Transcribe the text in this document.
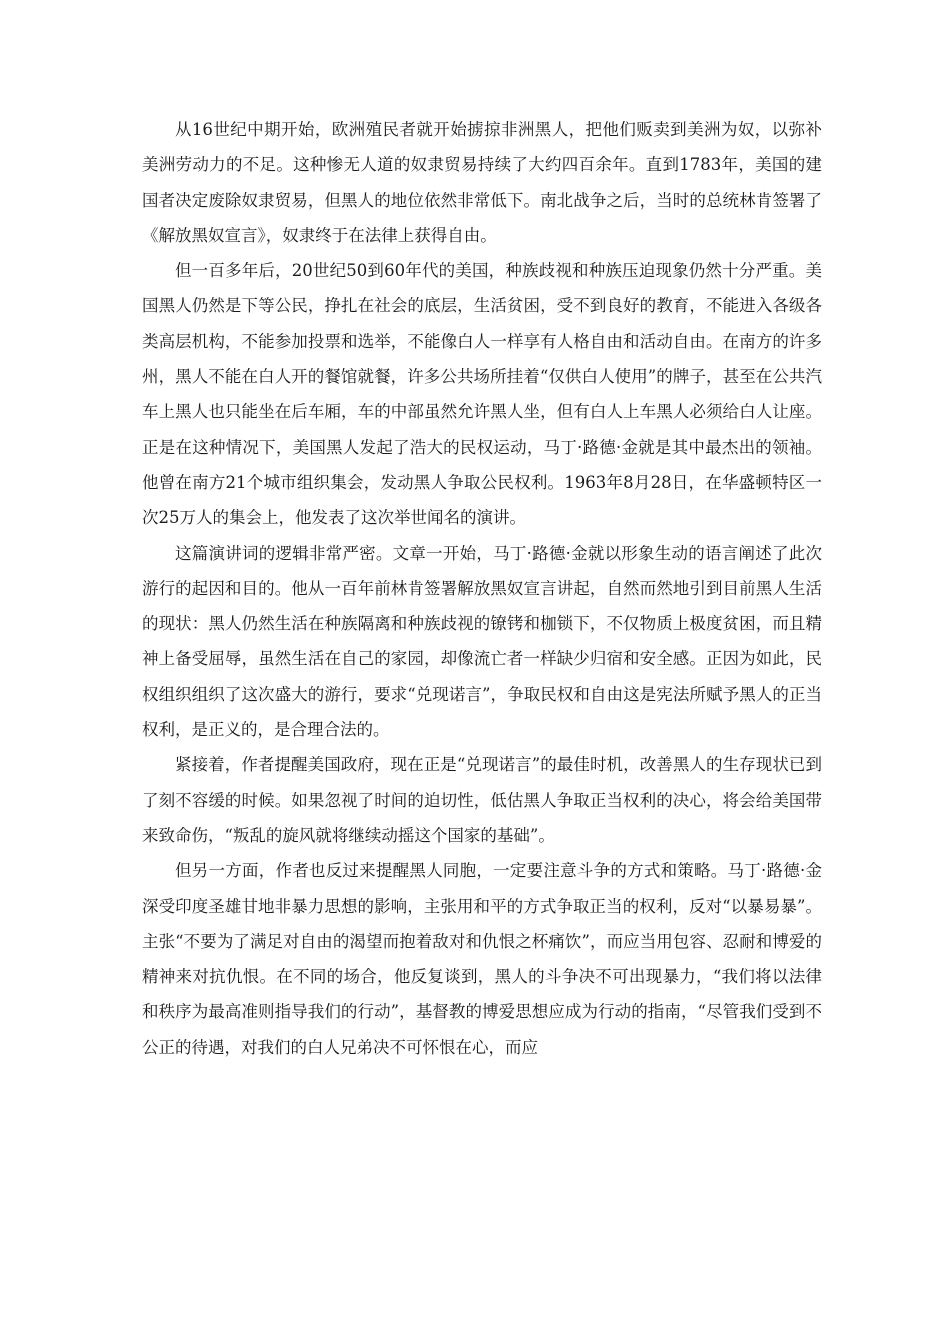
从16世纪中期开始，欧洲殖民者就开始掳掠非洲黑人，把他们贩卖到美洲为奴，以弥补美洲劳动力的不足。这种惨无人道的奴隶贸易持续了大约四百余年。直到1783年，美国的建国者决定废除奴隶贸易，但黑人的地位依然非常低下。南北战争之后，当时的总统林肯签署了《解放黑奴宣言》，奴隶终于在法律上获得自由。

但一百多年后，20世纪50到60年代的美国，种族歧视和种族压迫现象仍然十分严重。美国黑人仍然是下等公民，挣扎在社会的底层，生活贫困，受不到良好的教育，不能进入各级各类高层机构，不能参加投票和选举，不能像白人一样享有人格自由和活动自由。在南方的许多州，黑人不能在白人开的餐馆就餐，许多公共场所挂着“仅供白人使用”的牌子，甚至在公共汽车上黑人也只能坐在后车厢，车的中部虽然允许黑人坐，但有白人上车黑人必须给白人让座。正是在这种情况下，美国黑人发起了浩大的民权运动，马丁·路德·金就是其中最杰出的领袖。他曾在南方21个城市组织集会，发动黑人争取公民权利。1963年8月28日，在华盛顿特区一次25万人的集会上，他发表了这次举世闻名的演讲。

这篇演讲词的逻辑非常严密。文章一开始，马丁·路德·金就以形象生动的语言阐述了此次游行的起因和目的。他从一百年前林肯签署解放黑奴宣言讲起，自然而然地引到目前黑人生活的现状：黑人仍然生活在种族隔离和种族歧视的镣铐和枷锁下，不仅物质上极度贫困，而且精神上备受屈辱，虽然生活在自己的家园，却像流亡者一样缺少归宿和安全感。正因为如此，民权组织组织了这次盛大的游行，要求“兑现诺言”，争取民权和自由这是宪法所赋予黑人的正当权利，是正义的，是合理合法的。

紧接着，作者提醒美国政府，现在正是“兑现诺言”的最佳时机，改善黑人的生存现状已到了刻不容缓的时候。如果忽视了时间的迫切性，低估黑人争取正当权利的决心，将会给美国带来致命伤，“叛乱的旋风就将继续动摇这个国家的基础”。

但另一方面，作者也反过来提醒黑人同胞，一定要注意斗争的方式和策略。马丁·路德·金深受印度圣雄甘地非暴力思想的影响，主张用和平的方式争取正当的权利，反对“以暴易暴”。主张“不要为了满足对自由的渴望而抱着敌对和仇恨之杯痛饮”，而应当用包容、忍耐和博爱的精神来对抗仇恨。在不同的场合，他反复谈到，黑人的斗争决不可出现暴力，“我们将以法律和秩序为最高准则指导我们的行动”，基督教的博爱思想应成为行动的指南，“尽管我们受到不公正的待遇，对我们的白人兄弟决不可怀恨在心，而应
